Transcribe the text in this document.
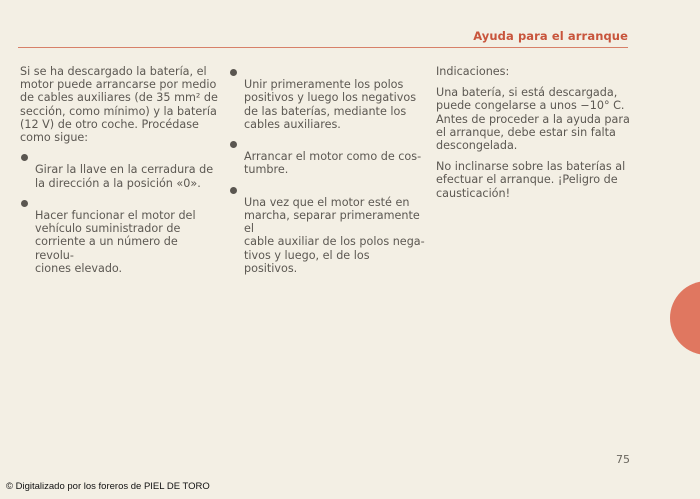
Ayuda para el arranque

Si se ha descargado la batería, el
motor puede arrancarse por medio
de cables auxiliares (de 35 mm² de
sección, como mínimo) y la batería
(12 V) de otro coche. Procédase
como sigue:

Girar la llave en la cerradura de
la dirección a la posición «0».

Hacer funcionar el motor del
vehículo suministrador de
corriente a un número de revolu-
ciones elevado.

Unir primeramente los polos
positivos y luego los negativos
de las baterías, mediante los
cables auxiliares.

Arrancar el motor como de cos-
tumbre.

Una vez que el motor esté en
marcha, separar primeramente el
cable auxiliar de los polos nega-
tivos y luego, el de los positivos.

Indicaciones:

Una batería, si está descargada,
puede congelarse a unos −10° C.
Antes de proceder a la ayuda para
el arranque, debe estar sin falta
descongelada.

No inclinarse sobre las baterías al
efectuar el arranque. ¡Peligro de
causticación!

75
© Digitalizado por los foreros de PIEL DE TORO
